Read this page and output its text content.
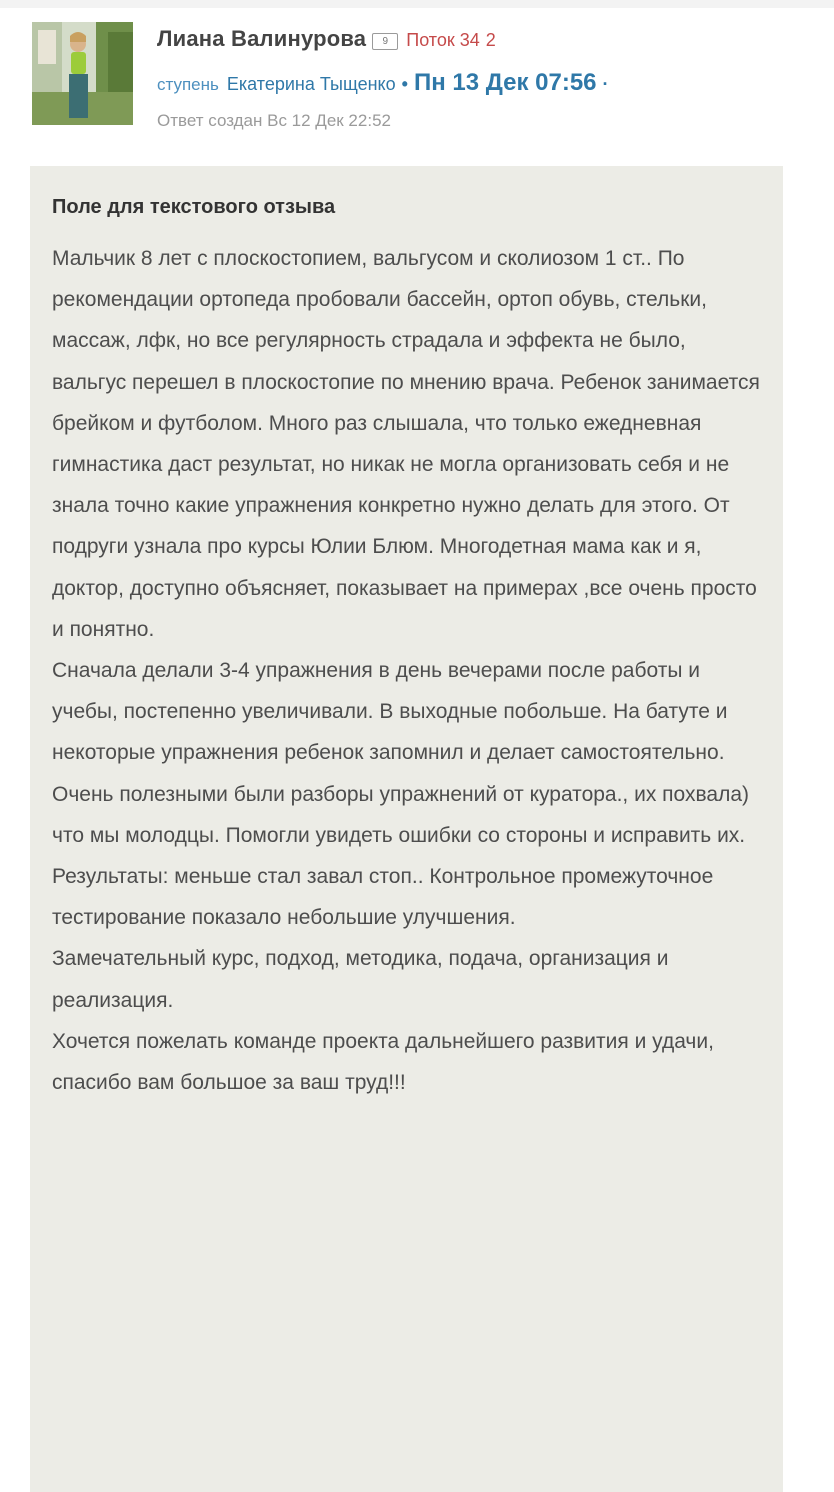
Лиана Валинурова 9 Поток 34 2
ступень Екатерина Тыщенко • Пн 13 Дек 07:56 ·
Ответ создан Вс 12 Дек 22:52
Поле для текстового отзыва

Мальчик 8 лет с плоскостопием, вальгусом и сколиозом 1 ст.. По рекомендации ортопеда пробовали бассейн, ортоп обувь, стельки, массаж, лфк, но все регулярность страдала и эффекта не было, вальгус перешел в плоскостопие по мнению врача. Ребенок занимается брейком и футболом. Много раз слышала, что только ежедневная гимнастика даст результат, но никак не могла организовать себя и не знала точно какие упражнения конкретно нужно делать для этого. От подруги узнала про курсы Юлии Блюм. Многодетная мама как и я, доктор, доступно объясняет, показывает на примерах ,все очень просто и понятно.

Сначала делали 3-4 упражнения в день вечерами после работы и учебы, постепенно увеличивали. В выходные побольше. На батуте и некоторые упражнения ребенок запомнил и делает самостоятельно.

Очень полезными были разборы упражнений от куратора., их похвала) что мы молодцы. Помогли увидеть ошибки со стороны и исправить их.

Результаты: меньше стал завал стоп.. Контрольное промежуточное тестирование показало небольшие улучшения.

Замечательный курс, подход, методика, подача, организация и реализация.

Хочется пожелать команде проекта дальнейшего развития и удачи, спасибо вам большое за ваш труд!!!
